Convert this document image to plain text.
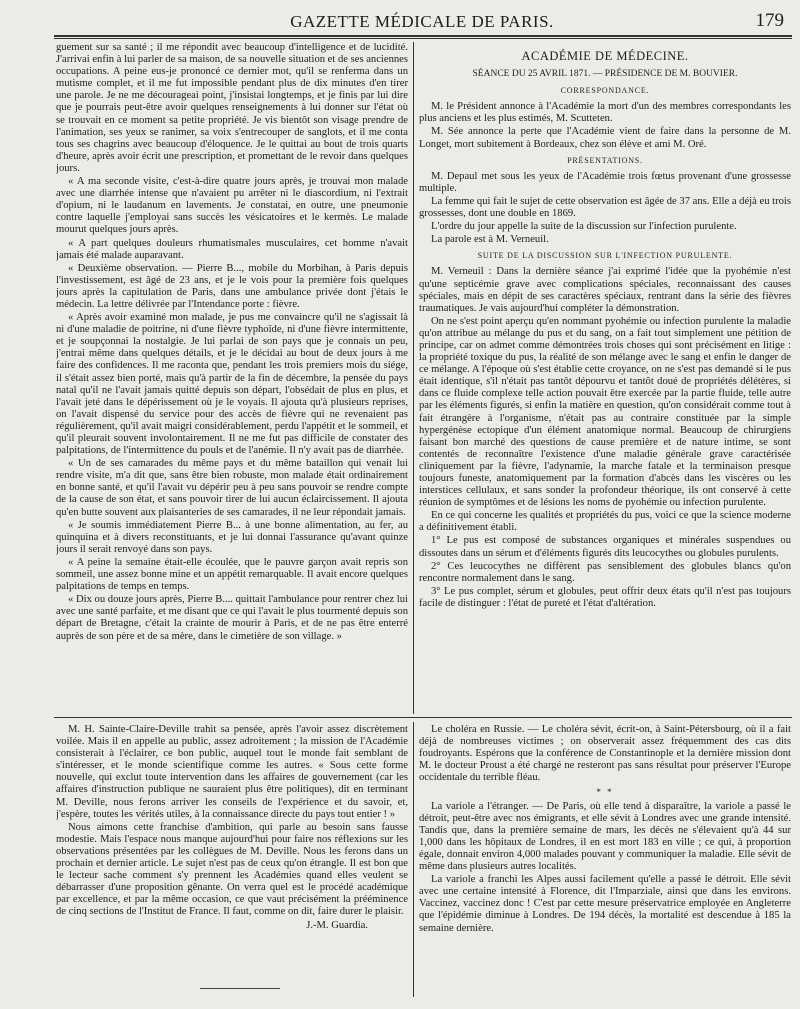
GAZETTE MÉDICALE DE PARIS.	179

guement sur sa santé ; il me répondit avec beaucoup d'intelligence et de lucidité. J'arrivai enfin à lui parler de sa maison, de sa nouvelle situation et de ses anciennes occupations. A peine eus-je prononcé ce dernier mot, qu'il se renferma dans un mutisme complet, et il me fut impossible pendant plus de dix minutes d'en tirer une parole. Je ne me décourageai point, j'insistai longtemps, et je finis par lui dire que je pourrais peut-être avoir quelques renseignements à lui donner sur l'état où se trouvait en ce moment sa petite propriété. Je vis bientôt son visage prendre de l'animation, ses yeux se ranimer, sa voix s'entrecouper de sanglots, et il me conta tous ses chagrins avec beaucoup d'éloquence. Je le quittai au bout de trois quarts d'heure, après avoir écrit une prescription, et promettant de le revoir dans quelques jours.

« A ma seconde visite, c'est-à-dire quatre jours après, je trouvai mon malade avec une diarrhée intense que n'avaient pu arrêter ni le diascordium, ni l'extrait d'opium, ni le laudanum en lavements. Je constatai, en outre, une pneumonie contre laquelle j'employai sans succès les vésicatoires et le kermès. Le malade mourut quelques jours après.

« A part quelques douleurs rhumatismales musculaires, cet homme n'avait jamais été malade auparavant.

« Deuxième observation. — Pierre B..., mobile du Morbihan, à Paris depuis l'investissement, est âgé de 23 ans, et je le vois pour la première fois quelques jours après la capitulation de Paris, dans une ambulance privée dont j'étais le médecin. La lettre délivrée par l'Intendance porte : fièvre.

« Après avoir examiné mon malade, je pus me convaincre qu'il ne s'agissait là ni d'une maladie de poitrine, ni d'une fièvre typhoïde, ni d'une fièvre intermittente, et je soupçonnai la nostalgie. Je lui parlai de son pays que je connais un peu, j'entrai même dans quelques détails, et je le décidai au bout de deux jours à me faire des confidences. Il me raconta que, pendant les trois premiers mois du siége, il s'était assez bien porté, mais qu'à partir de la fin de décembre, la pensée du pays natal qu'il ne l'avait jamais quitté depuis son départ, l'obsédait de plus en plus, et l'avait jeté dans le dépérissement où je le voyais. Il ajouta qu'à plusieurs reprises, on l'avait dispensé du service pour des accès de fièvre qui ne revenaient pas régulièrement, qu'il avait maigri considérablement, perdu l'appétit et le sommeil, et qu'il pleurait souvent involontairement. Il ne me fut pas difficile de constater des palpitations, de l'intermittence du pouls et de l'anémie. Il n'y avait pas de diarrhée.

« Un de ses camarades du même pays et du même bataillon qui venait lui rendre visite, m'a dit que, sans être bien robuste, mon malade était ordinairement en bonne santé, et qu'il l'avait vu dépérir peu à peu sans pouvoir se rendre compte de la cause de son état, et sans pouvoir tirer de lui aucun éclaircissement. Il ajouta qu'en butte souvent aux plaisanteries de ses camarades, il ne leur répondait jamais.

« Je soumis immédiatement Pierre B... à une bonne alimentation, au fer, au quinquina et à divers reconstituants, et je lui donnai l'assurance qu'avant quinze jours il serait renvoyé dans son pays.

« A peine la semaine était-elle écoulée, que le pauvre garçon avait repris son sommeil, une assez bonne mine et un appétit remarquable. Il avait encore quelques palpitations de temps en temps.

« Dix ou douze jours après, Pierre B.... quittait l'ambulance pour rentrer chez lui avec une santé parfaite, et me disant que ce qui l'avait le plus tourmenté depuis son départ de Bretagne, c'était la crainte de mourir à Paris, et de ne pas être enterré auprès de son père et de sa mère, dans le cimetière de son village. »

ACADÉMIE DE MÉDECINE.
SÉANCE DU 25 AVRIL 1871. — PRÉSIDENCE DE M. BOUVIER.
CORRESPONDANCE.

M. le Président annonce à l'Académie la mort d'un des membres correspondants les plus anciens et les plus estimés, M. Scutteten.

M. Sée annonce la perte que l'Académie vient de faire dans la personne de M. Longet, mort subitement à Bordeaux, chez son élève et ami M. Oré.

PRÉSENTATIONS.

M. Depaul met sous les yeux de l'Académie trois fœtus provenant d'une grossesse multiple.

La femme qui fait le sujet de cette observation est âgée de 37 ans. Elle a déjà eu trois grossesses, dont une double en 1869.

L'ordre du jour appelle la suite de la discussion sur l'infection purulente.

La parole est à M. Verneuil.

SUITE DE LA DISCUSSION SUR L'INFECTION PURULENTE.

M. Verneuil : Dans la dernière séance j'ai exprimé l'idée que la pyohémie n'est qu'une septicémie grave avec complications spéciales, reconnaissant des causes spéciales, mais en dépit de ses caractères spéciaux, rentrant dans la série des fièvres traumatiques. Je vais aujourd'hui compléter la démonstration.

On ne s'est point aperçu qu'en nommant pyohémie ou infection purulente la maladie qu'on attribue au mélange du pus et du sang, on a fait tout simplement une pétition de principe, car on admet comme démontrées trois choses qui sont précisément en litige : la propriété toxique du pus, la réalité de son mélange avec le sang et enfin le danger de ce mélange. A l'époque où s'est établie cette croyance, on ne s'est pas demandé si le pus était identique, s'il n'était pas tantôt dépourvu et tantôt doué de propriétés délétères, si dans ce fluide complexe telle action pouvait être exercée par la partie fluide, telle autre par les éléments figurés, si enfin la matière en question, qu'on considérait comme tout à fait étrangère à l'organisme, n'était pas au contraire constituée par la simple hypergénèse ectopique d'un élément anatomique normal. Beaucoup de chirurgiens faisant bon marché des questions de cause première et de nature intime, se sont contentés de reconnaître l'existence d'une maladie générale grave caractérisée cliniquement par la fièvre, l'adynamie, la marche fatale et la terminaison presque toujours funeste, anatomiquement par la formation d'abcès dans les viscères ou les interstices cellulaux, et sans sonder la profondeur théorique, ils ont conservé à cette réunion de symptômes et de lésions les noms de pyohémie ou infection purulente.

En ce qui concerne les qualités et propriétés du pus, voici ce que la science moderne a définitivement établi.

1° Le pus est composé de substances organiques et minérales suspendues ou dissoutes dans un sérum et d'éléments figurés dits leucocythes ou globules purulents.

2° Ces leucocythes ne diffèrent pas sensiblement des globules blancs qu'on rencontre normalement dans le sang.

3° Le pus complet, sérum et globules, peut offrir deux états qu'il n'est pas toujours facile de distinguer : l'état de pureté et l'état d'altération.

M. H. Sainte-Claire-Deville trahit sa pensée, après l'avoir assez discrètement voilée. Mais il en appelle au public, assez adroitement ; la mission de l'Académie consisterait à l'éclairer, ce bon public, auquel tout le monde fait semblant de s'intéresser, et le monde scientifique comme les autres. « Sous cette forme nouvelle, qui exclut toute intervention dans les affaires de gouvernement (car les affaires d'instruction publique ne sauraient plus être politiques), dit en terminant M. Deville, nous ferons arriver les conseils de l'expérience et du savoir, et, j'espère, toutes les vérités utiles, à la connaissance directe du pays tout entier ! »

Nous aimons cette franchise d'ambition, qui parle au besoin sans fausse modestie. Mais l'espace nous manque aujourd'hui pour faire nos réflexions sur les observations présentées par les collègues de M. Deville. Nous les ferons dans un prochain et dernier article. Le sujet n'est pas de ceux qu'on étrangle. Il est bon que le lecteur sache comment s'y prennent les Académies quand elles veulent se débarrasser d'une proposition gênante. On verra quel est le procédé académique par excellence, et par la même occasion, ce que vaut précisément la prééminence de cinq sections de l'Institut de France. Il faut, comme on dit, faire durer le plaisir.

J.-M. Guardia.

Le choléra en Russie. — Le choléra sévit, écrit-on, à Saint-Pétersbourg, où il a fait déjà de nombreuses victimes ; on observerait assez fréquemment des cas dits foudroyants. Espérons que la conférence de Constantinople et la dernière mission dont M. le docteur Proust a été chargé ne resteront pas sans résultat pour préserver l'Europe occidentale du terrible fléau.

* *

La variole a l'étranger. — De Paris, où elle tend à disparaître, la variole a passé le détroit, peut-être avec nos émigrants, et elle sévit à Londres avec une grande intensité. Tandis que, dans la première semaine de mars, les décès ne s'élevaient qu'à 44 sur 1,000 dans les hôpitaux de Londres, il en est mort 183 en ville ; ce qui, à proportion égale, donnait environ 4,000 malades pouvant y communiquer la maladie. Elle sévit de même dans plusieurs autres localités.

La variole a franchi les Alpes aussi facilement qu'elle a passé le détroit. Elle sévit avec une certaine intensité à Florence, dit l'Imparziale, ainsi que dans les environs. Vaccinez, vaccinez donc ! C'est par cette mesure préservatrice employée en Angleterre que l'épidémie diminue à Londres. De 194 décès, la mortalité est descendue à 185 la semaine dernière.
